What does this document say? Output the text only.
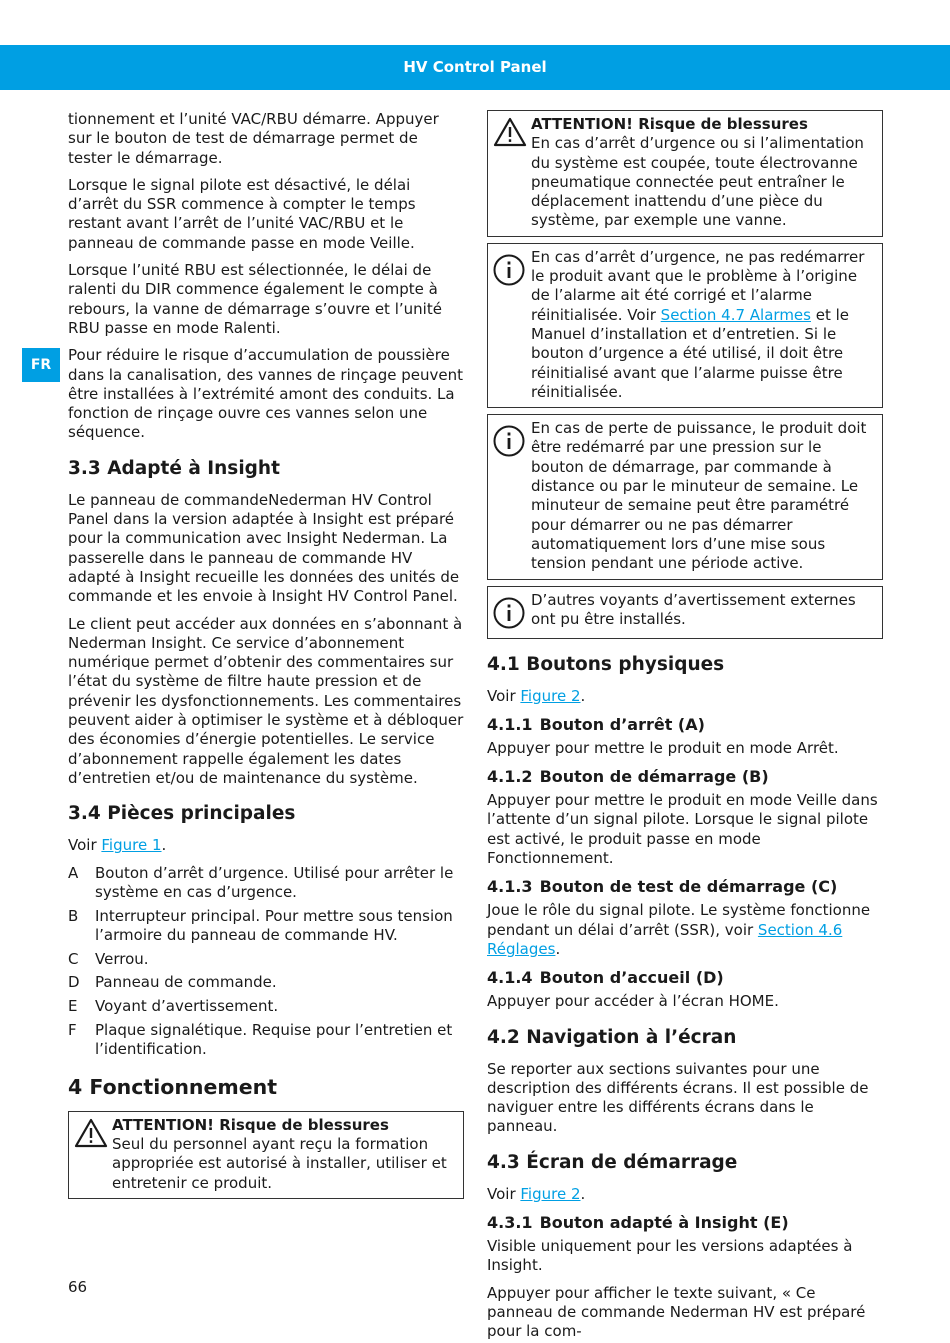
HV Control Panel
FR

tionnement et l’unité VAC/RBU démarre. Appuyer sur le bouton de test de démarrage permet de tester le démarrage.

Lorsque le signal pilote est désactivé, le délai d’arrêt du SSR commence à compter le temps restant avant l’arrêt de l’unité VAC/RBU et le panneau de commande passe en mode Veille.

Lorsque l’unité RBU est sélectionnée, le délai de ralenti du DIR commence également le compte à rebours, la vanne de démarrage s’ouvre et l’unité RBU passe en mode Ralenti.

Pour réduire le risque d’accumulation de poussière dans la canalisation, des vannes de rinçage peuvent être installées à l’extrémité amont des conduits. La fonction de rinçage ouvre ces vannes selon une séquence.

3.3 Adapté à Insight

Le panneau de commandeNederman HV Control Panel dans la version adaptée à Insight est préparé pour la communication avec Insight Nederman. La passerelle dans le panneau de commande HV adapté à Insight recueille les données des unités de commande et les envoie à Insight HV Control Panel.

Le client peut accéder aux données en s’abonnant à Nederman Insight. Ce service d’abonnement numérique permet d’obtenir des commentaires sur l’état du système de filtre haute pression et de prévenir les dysfonctionnements. Les commentaires peuvent aider à optimiser le système et à débloquer des économies d’énergie potentielles. Le service d’abonnement rappelle également les dates d’entretien et/ou de maintenance du système.

3.4 Pièces principales

Voir Figure 1.

A	Bouton d’arrêt d’urgence. Utilisé pour arrêter le système en cas d’urgence.
B	Interrupteur principal. Pour mettre sous tension l’armoire du panneau de commande HV.
C	Verrou.
D	Panneau de commande.
E	Voyant d’avertissement.
F	Plaque signalétique. Requise pour l’entretien et l’identification.
4 Fonctionnement
ATTENTION! Risque de blessures
Seul du personnel ayant reçu la formation appropriée est autorisé à installer, utiliser et entretenir ce produit.
ATTENTION! Risque de blessures
En cas d’arrêt d’urgence ou si l’alimentation du système est coupée, toute électrovanne pneumatique connectée peut entraîner le déplacement inattendu d’une pièce du système, par exemple une vanne.
En cas d’arrêt d’urgence, ne pas redémarrer le produit avant que le problème à l’origine de l’alarme ait été corrigé et l’alarme réinitialisée. Voir Section 4.7 Alarmes et le Manuel d’installation et d’entretien. Si le bouton d’urgence a été utilisé, il doit être réinitialisé avant que l’alarme puisse être réinitialisée.
En cas de perte de puissance, le produit doit être redémarré par une pression sur le bouton de démarrage, par commande à distance ou par le minuteur de semaine. Le minuteur de semaine peut être paramétré pour démarrer ou ne pas démarrer automatiquement lors d’une mise sous tension pendant une période active.
D’autres voyants d’avertissement externes ont pu être installés.
4.1 Boutons physiques

Voir Figure 2.

4.1.1 Bouton d’arrêt (A)

Appuyer pour mettre le produit en mode Arrêt.

4.1.2 Bouton de démarrage (B)

Appuyer pour mettre le produit en mode Veille dans l’attente d’un signal pilote. Lorsque le signal pilote est activé, le produit passe en mode Fonctionnement.

4.1.3 Bouton de test de démarrage (C)

Joue le rôle du signal pilote. Le système fonctionne pendant un délai d’arrêt (SSR), voir Section 4.6 Réglages.

4.1.4 Bouton d’accueil (D)

Appuyer pour accéder à l’écran HOME.

4.2 Navigation à l’écran

Se reporter aux sections suivantes pour une description des différents écrans. Il est possible de naviguer entre les différents écrans dans le panneau.

4.3 Écran de démarrage

Voir Figure 2.

4.3.1 Bouton adapté à Insight (E)

Visible uniquement pour les versions adaptées à Insight.

Appuyer pour afficher le texte suivant, « Ce panneau de commande Nederman HV est préparé pour la com-

66
